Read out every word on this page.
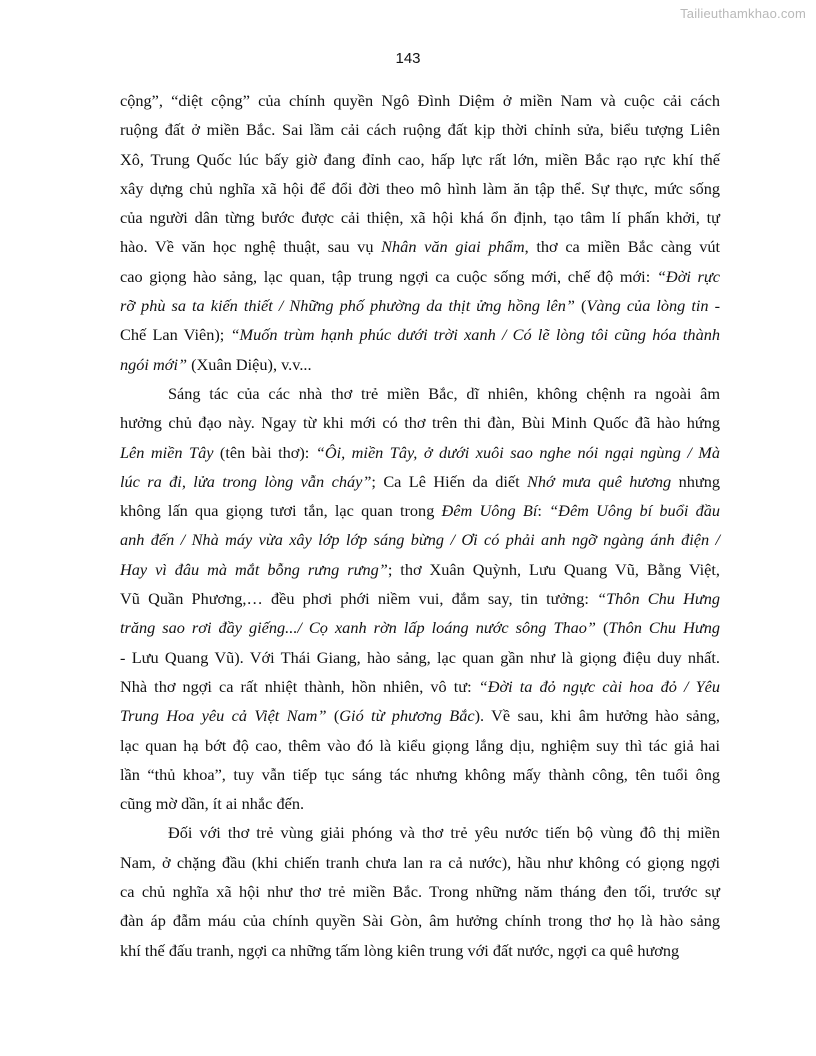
Tailieuthamkhao.com
143
cộng”, “diệt cộng” của chính quyền Ngô Đình Diệm ở miền Nam và cuộc cải cách
ruộng đất ở miền Bắc. Sai lầm cải cách ruộng đất kịp thời chỉnh sửa, biểu tượng Liên
Xô, Trung Quốc lúc bấy giờ đang đỉnh cao, hấp lực rất lớn, miền Bắc rạo rực khí thế
xây dựng chủ nghĩa xã hội để đổi đời theo mô hình làm ăn tập thể. Sự thực, mức sống
của người dân từng bước được cải thiện, xã hội khá ổn định, tạo tâm lí phấn khởi, tự
hào. Về văn học nghệ thuật, sau vụ Nhân văn giai phẩm, thơ ca miền Bắc càng vút
cao giọng hào sảng, lạc quan, tập trung ngợi ca cuộc sống mới, chế độ mới: “Đời rực
rỡ phù sa ta kiến thiết / Những phố phường da thịt ửng hồng lên” (Vàng của lòng tin -
Chế Lan Viên); “Muốn trùm hạnh phúc dưới trời xanh / Có lẽ lòng tôi cũng hóa thành
ngói mới” (Xuân Diệu), v.v...
Sáng tác của các nhà thơ trẻ miền Bắc, dĩ nhiên, không chệnh ra ngoài âm
hưởng chủ đạo này. Ngay từ khi mới có thơ trên thi đàn, Bùi Minh Quốc đã hào hứng
Lên miền Tây (tên bài thơ): “Ôi, miền Tây, ở dưới xuôi sao nghe nói ngại ngùng / Mà
lúc ra đi, lửa trong lòng vẫn cháy”; Ca Lê Hiến da diết Nhớ mưa quê hương nhưng
không lấn qua giọng tươi tắn, lạc quan trong Đêm Uông Bí: “Đêm Uông bí buổi đầu
anh đến / Nhà máy vừa xây lớp lớp sáng bừng / Ơi có phải anh ngỡ ngàng ánh điện /
Hay vì đâu mà mắt bỗng rưng rưng”; thơ Xuân Quỳnh, Lưu Quang Vũ, Bằng Việt,
Vũ Quần Phương,… đều phơi phới niềm vui, đắm say, tin tưởng: “Thôn Chu Hưng
trăng sao rơi đầy giếng.../ Cọ xanh rờn lấp loáng nước sông Thao” (Thôn Chu Hưng
- Lưu Quang Vũ). Với Thái Giang, hào sảng, lạc quan gần như là giọng điệu duy nhất.
Nhà thơ ngợi ca rất nhiệt thành, hồn nhiên, vô tư: “Đời ta đỏ ngực cài hoa đỏ / Yêu
Trung Hoa yêu cả Việt Nam” (Gió từ phương Bắc). Về sau, khi âm hưởng hào sảng,
lạc quan hạ bớt độ cao, thêm vào đó là kiểu giọng lắng dịu, nghiệm suy thì tác giả hai
lần “thủ khoa”, tuy vẫn tiếp tục sáng tác nhưng không mấy thành công, tên tuổi ông
cũng mờ dần, ít ai nhắc đến.
Đối với thơ trẻ vùng giải phóng và thơ trẻ yêu nước tiến bộ vùng đô thị miền
Nam, ở chặng đầu (khi chiến tranh chưa lan ra cả nước), hầu như không có giọng ngợi
ca chủ nghĩa xã hội như thơ trẻ miền Bắc. Trong những năm tháng đen tối, trước sự
đàn áp đẫm máu của chính quyền Sài Gòn, âm hưởng chính trong thơ họ là hào sảng
khí thế đấu tranh, ngợi ca những tấm lòng kiên trung với đất nước, ngợi ca quê hương
